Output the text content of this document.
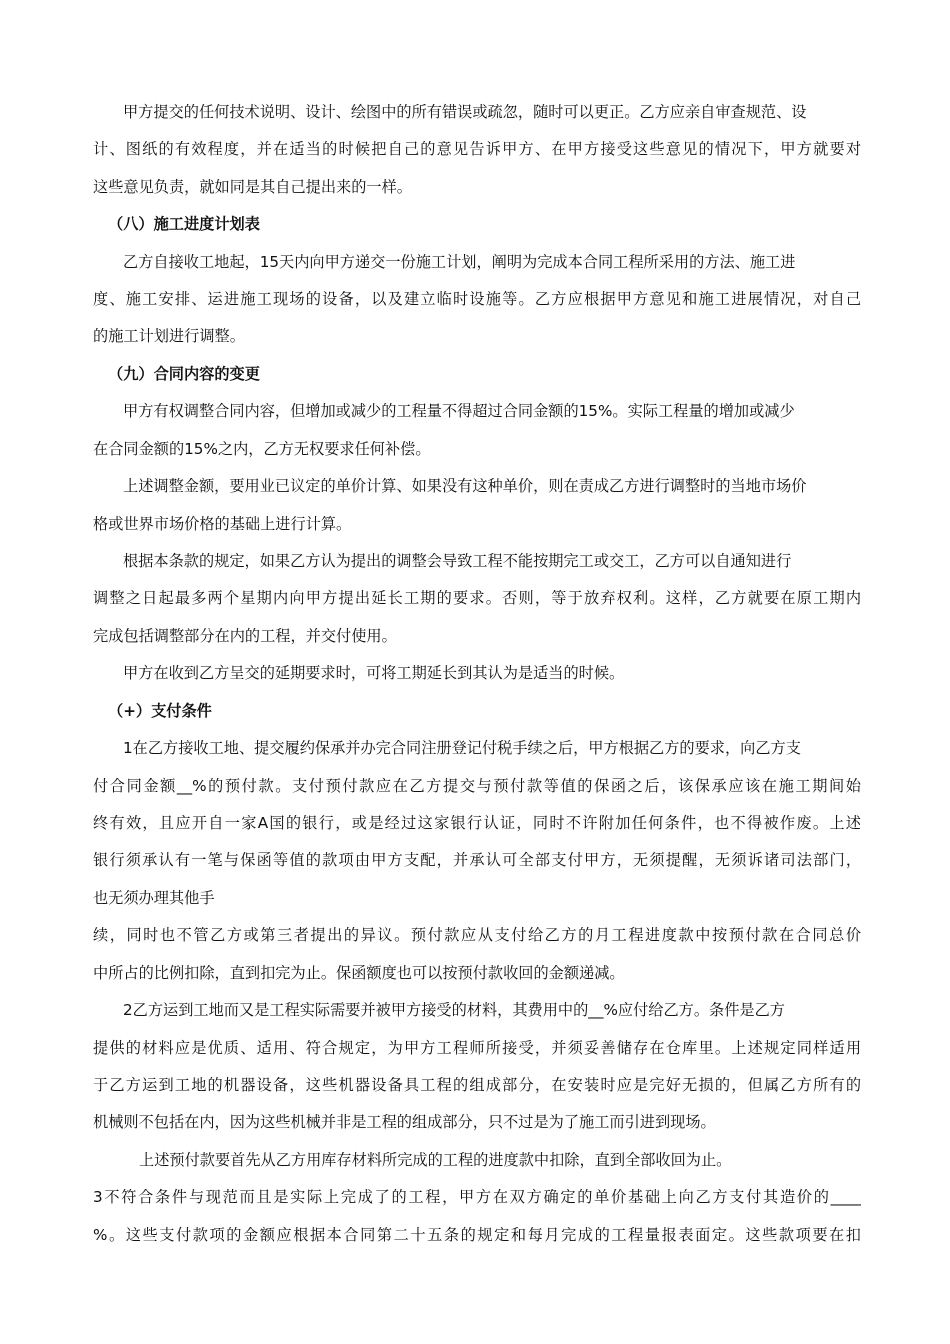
甲方提交的任何技术说明、设计、绘图中的所有错误或疏忽，随时可以更正。乙方应亲自审查规范、设
计、图纸的有效程度，并在适当的时候把自己的意见告诉甲方、在甲方接受这些意见的情况下，甲方就要对
这些意见负责，就如同是其自己提出来的一样。
（八）施工进度计划表
乙方自接收工地起，15天内向甲方递交一份施工计划，阐明为完成本合同工程所采用的方法、施工进
度、施工安排、运进施工现场的设备，以及建立临时设施等。乙方应根据甲方意见和施工进展情况，对自己
的施工计划进行调整。
（九）合同内容的变更
甲方有权调整合同内容，但增加或减少的工程量不得超过合同金额的15%。实际工程量的增加或减少
在合同金额的15%之内，乙方无权要求任何补偿。
上述调整金额，要用业已议定的单价计算、如果没有这种单价，则在责成乙方进行调整时的当地市场价
格或世界市场价格的基础上进行计算。
根据本条款的规定，如果乙方认为提出的调整会导致工程不能按期完工或交工，乙方可以自通知进行
调整之日起最多两个星期内向甲方提出延长工期的要求。否则，等于放弃权利。这样，乙方就要在原工期内
完成包括调整部分在内的工程，并交付使用。
甲方在收到乙方呈交的延期要求时，可将工期延长到其认为是适当的时候。
（+）支付条件
1在乙方接收工地、提交履约保承并办完合同注册登记付税手续之后，甲方根据乙方的要求，向乙方支
付合同金额__%的预付款。支付预付款应在乙方提交与预付款等值的保函之后，该保承应该在施工期间始
终有效，且应开自一家A国的银行，或是经过这家银行认证，同时不许附加任何条件，也不得被作废。上述
银行须承认有一笔与保函等值的款项由甲方支配，并承认可全部支付甲方，无须提醒，无须诉诸司法部门，
也无须办理其他手
续，同时也不管乙方或第三者提出的异议。预付款应从支付给乙方的月工程进度款中按预付款在合同总价
中所占的比例扣除，直到扣完为止。保函额度也可以按预付款收回的金额递减。
2乙方运到工地而又是工程实际需要并被甲方接受的材料，其费用中的__%应付给乙方。条件是乙方
提供的材料应是优质、适用、符合规定，为甲方工程师所接受，并须妥善储存在仓库里。上述规定同样适用
于乙方运到工地的机器设备，这些机器设备具工程的组成部分，在安装时应是完好无损的，但属乙方所有的
机械则不包括在内，因为这些机械并非是工程的组成部分，只不过是为了施工而引进到现场。
上述预付款要首先从乙方用库存材料所完成的工程的进度款中扣除，直到全部收回为止。
3不符合条件与现范而且是实际上完成了的工程，甲方在双方确定的单价基础上向乙方支付其造价的____
%。这些支付款项的金额应根据本合同第二十五条的规定和每月完成的工程量报表面定。这些款项要在扣
